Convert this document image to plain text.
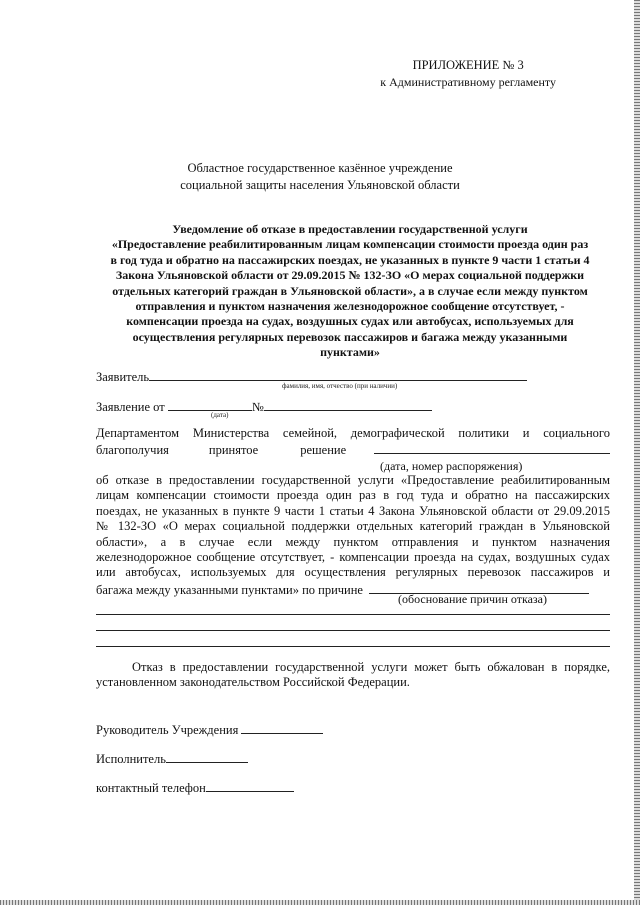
ПРИЛОЖЕНИЕ № 3
к Административному регламенту
Областное государственное казённое учреждение
социальной защиты населения Ульяновской области
Уведомление об отказе в предоставлении государственной услуги
«Предоставление реабилитированным лицам компенсации стоимости проезда один раз
в год туда и обратно на пассажирских поездах, не указанных в пункте 9 части 1 статьи 4
Закона Ульяновской области от 29.09.2015 № 132-ЗО «О мерах социальной поддержки
отдельных категорий граждан в Ульяновской области», а в случае если между пунктом
отправления и пунктом назначения железнодорожное сообщение отсутствует, -
компенсации проезда на судах, воздушных судах или автобусах, используемых для
осуществления регулярных перевозок пассажиров и багажа между указанными
пунктами»
Заявитель
фамилия, имя, отчество (при наличии)
Заявление от	№
(дата)
Департаментом Министерства семейной, демографической политики и социального
благополучия	принятое	решение
(дата, номер распоряжения)
об отказе в предоставлении государственной услуги «Предоставление реабилитированным
лицам компенсации стоимости проезда один раз в год туда и обратно на пассажирских
поездах, не указанных в пункте 9 части 1 статьи 4 Закона Ульяновской области от 29.09.2015
№ 132-ЗО «О мерах социальной поддержки отдельных категорий граждан в Ульяновской
области», а в случае если между пунктом отправления и пунктом назначения
железнодорожное сообщение отсутствует, - компенсации проезда на судах, воздушных судах
или автобусах, используемых для осуществления регулярных перевозок пассажиров и
багажа между указанными пунктами» по причине
(обоснование причин отказа)
Отказ в предоставлении государственной услуги может быть обжалован в порядке,
установленном законодательством Российской Федерации.
Руководитель Учреждения
Исполнитель
контактный телефон
